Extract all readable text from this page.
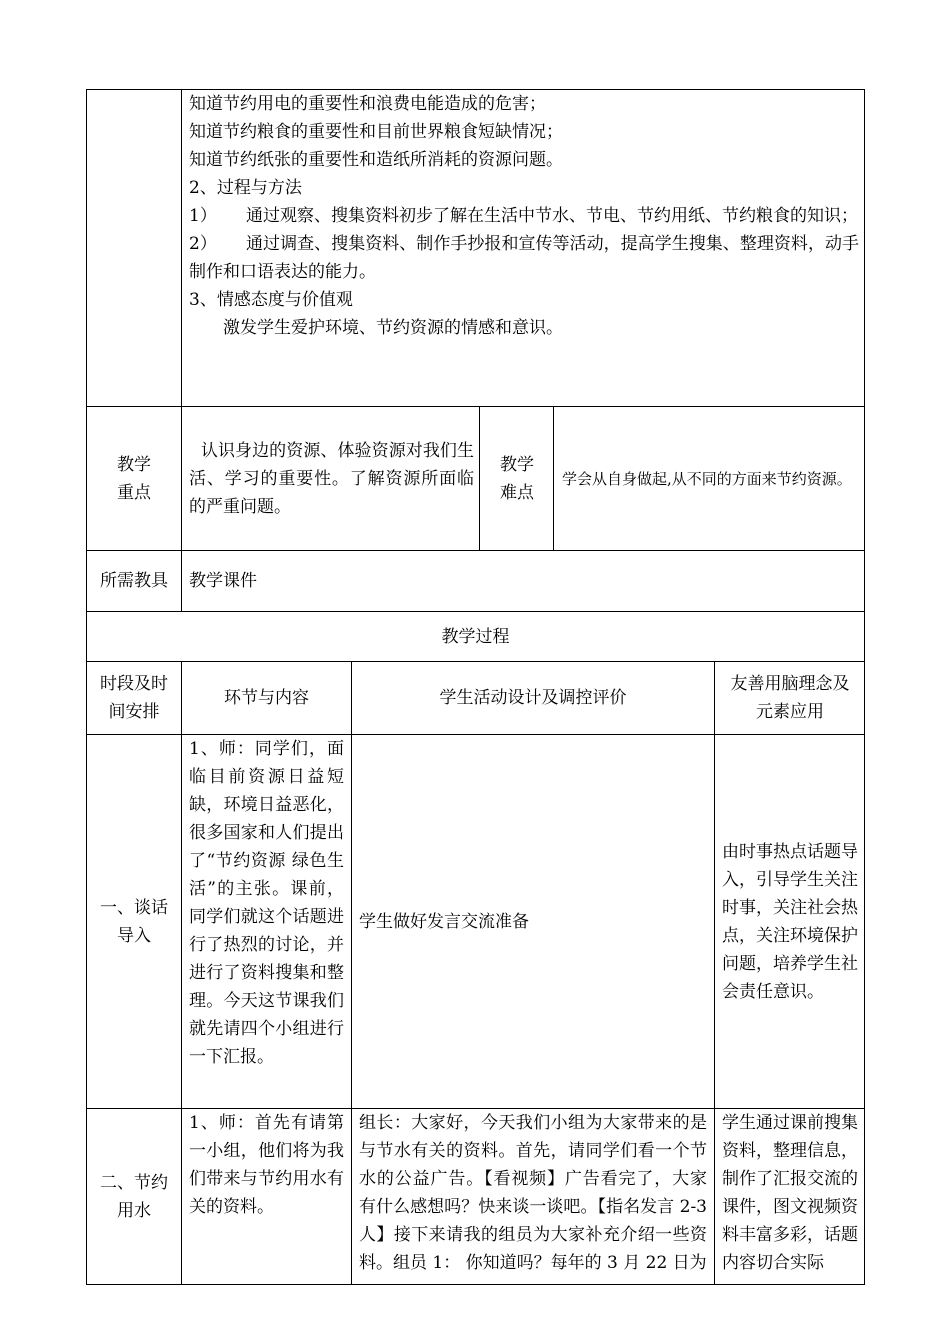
知道节约用电的重要性和浪费电能造成的危害；

知道节约粮食的重要性和目前世界粮食短缺情况；

知道节约纸张的重要性和造纸所消耗的资源问题。

2、过程与方法

1） 通过观察、搜集资料初步了解在生活中节水、节电、节约用纸、节约粮食的知识；

2） 通过调查、搜集资料、制作手抄报和宣传等活动，提高学生搜集、整理资料，动手制作和口语表达的能力。

3、情感态度与价值观

激发学生爱护环境、节约资源的情感和意识。

教学重点

认识身边的资源、体验资源对我们生活、学习的重要性。了解资源所面临的严重问题。

教学难点

学会从自身做起,从不同的方面来节约资源。

所需教具 教学课件
教学过程
时段及时间安排
环节与内容	学生活动设计及调控评价
友善用脑理念及元素应用
一、谈话导入

1、师：同学们，面临目前资源日益短缺，环境日益恶化，很多国家和人们提出了“节约资源 绿色生活”的主张。课前，同学们就这个话题进行了热烈的讨论，并进行了资料搜集和整理。今天这节课我们就先请四个小组进行一下汇报。

学生做好发言交流准备

由时事热点话题导入，引导学生关注时事，关注社会热点，关注环境保护问题，培养学生社会责任意识。

二、节约用水

1、师：首先有请第一小组，他们将为我们带来与节约用水有关的资料。

组长：大家好，今天我们小组为大家带来的是与节水有关的资料。首先，请同学们看一个节水的公益广告。【看视频】广告看完了，大家有什么感想吗？快来谈一谈吧。【指名发言 2-3 人】接下来请我的组员为大家补充介绍一些资料。组员 1： 你知道吗？每年的 3 月 22 日为

学生通过课前搜集资料，整理信息，制作了汇报交流的课件，图文视频资料丰富多彩，话题内容切合实际
